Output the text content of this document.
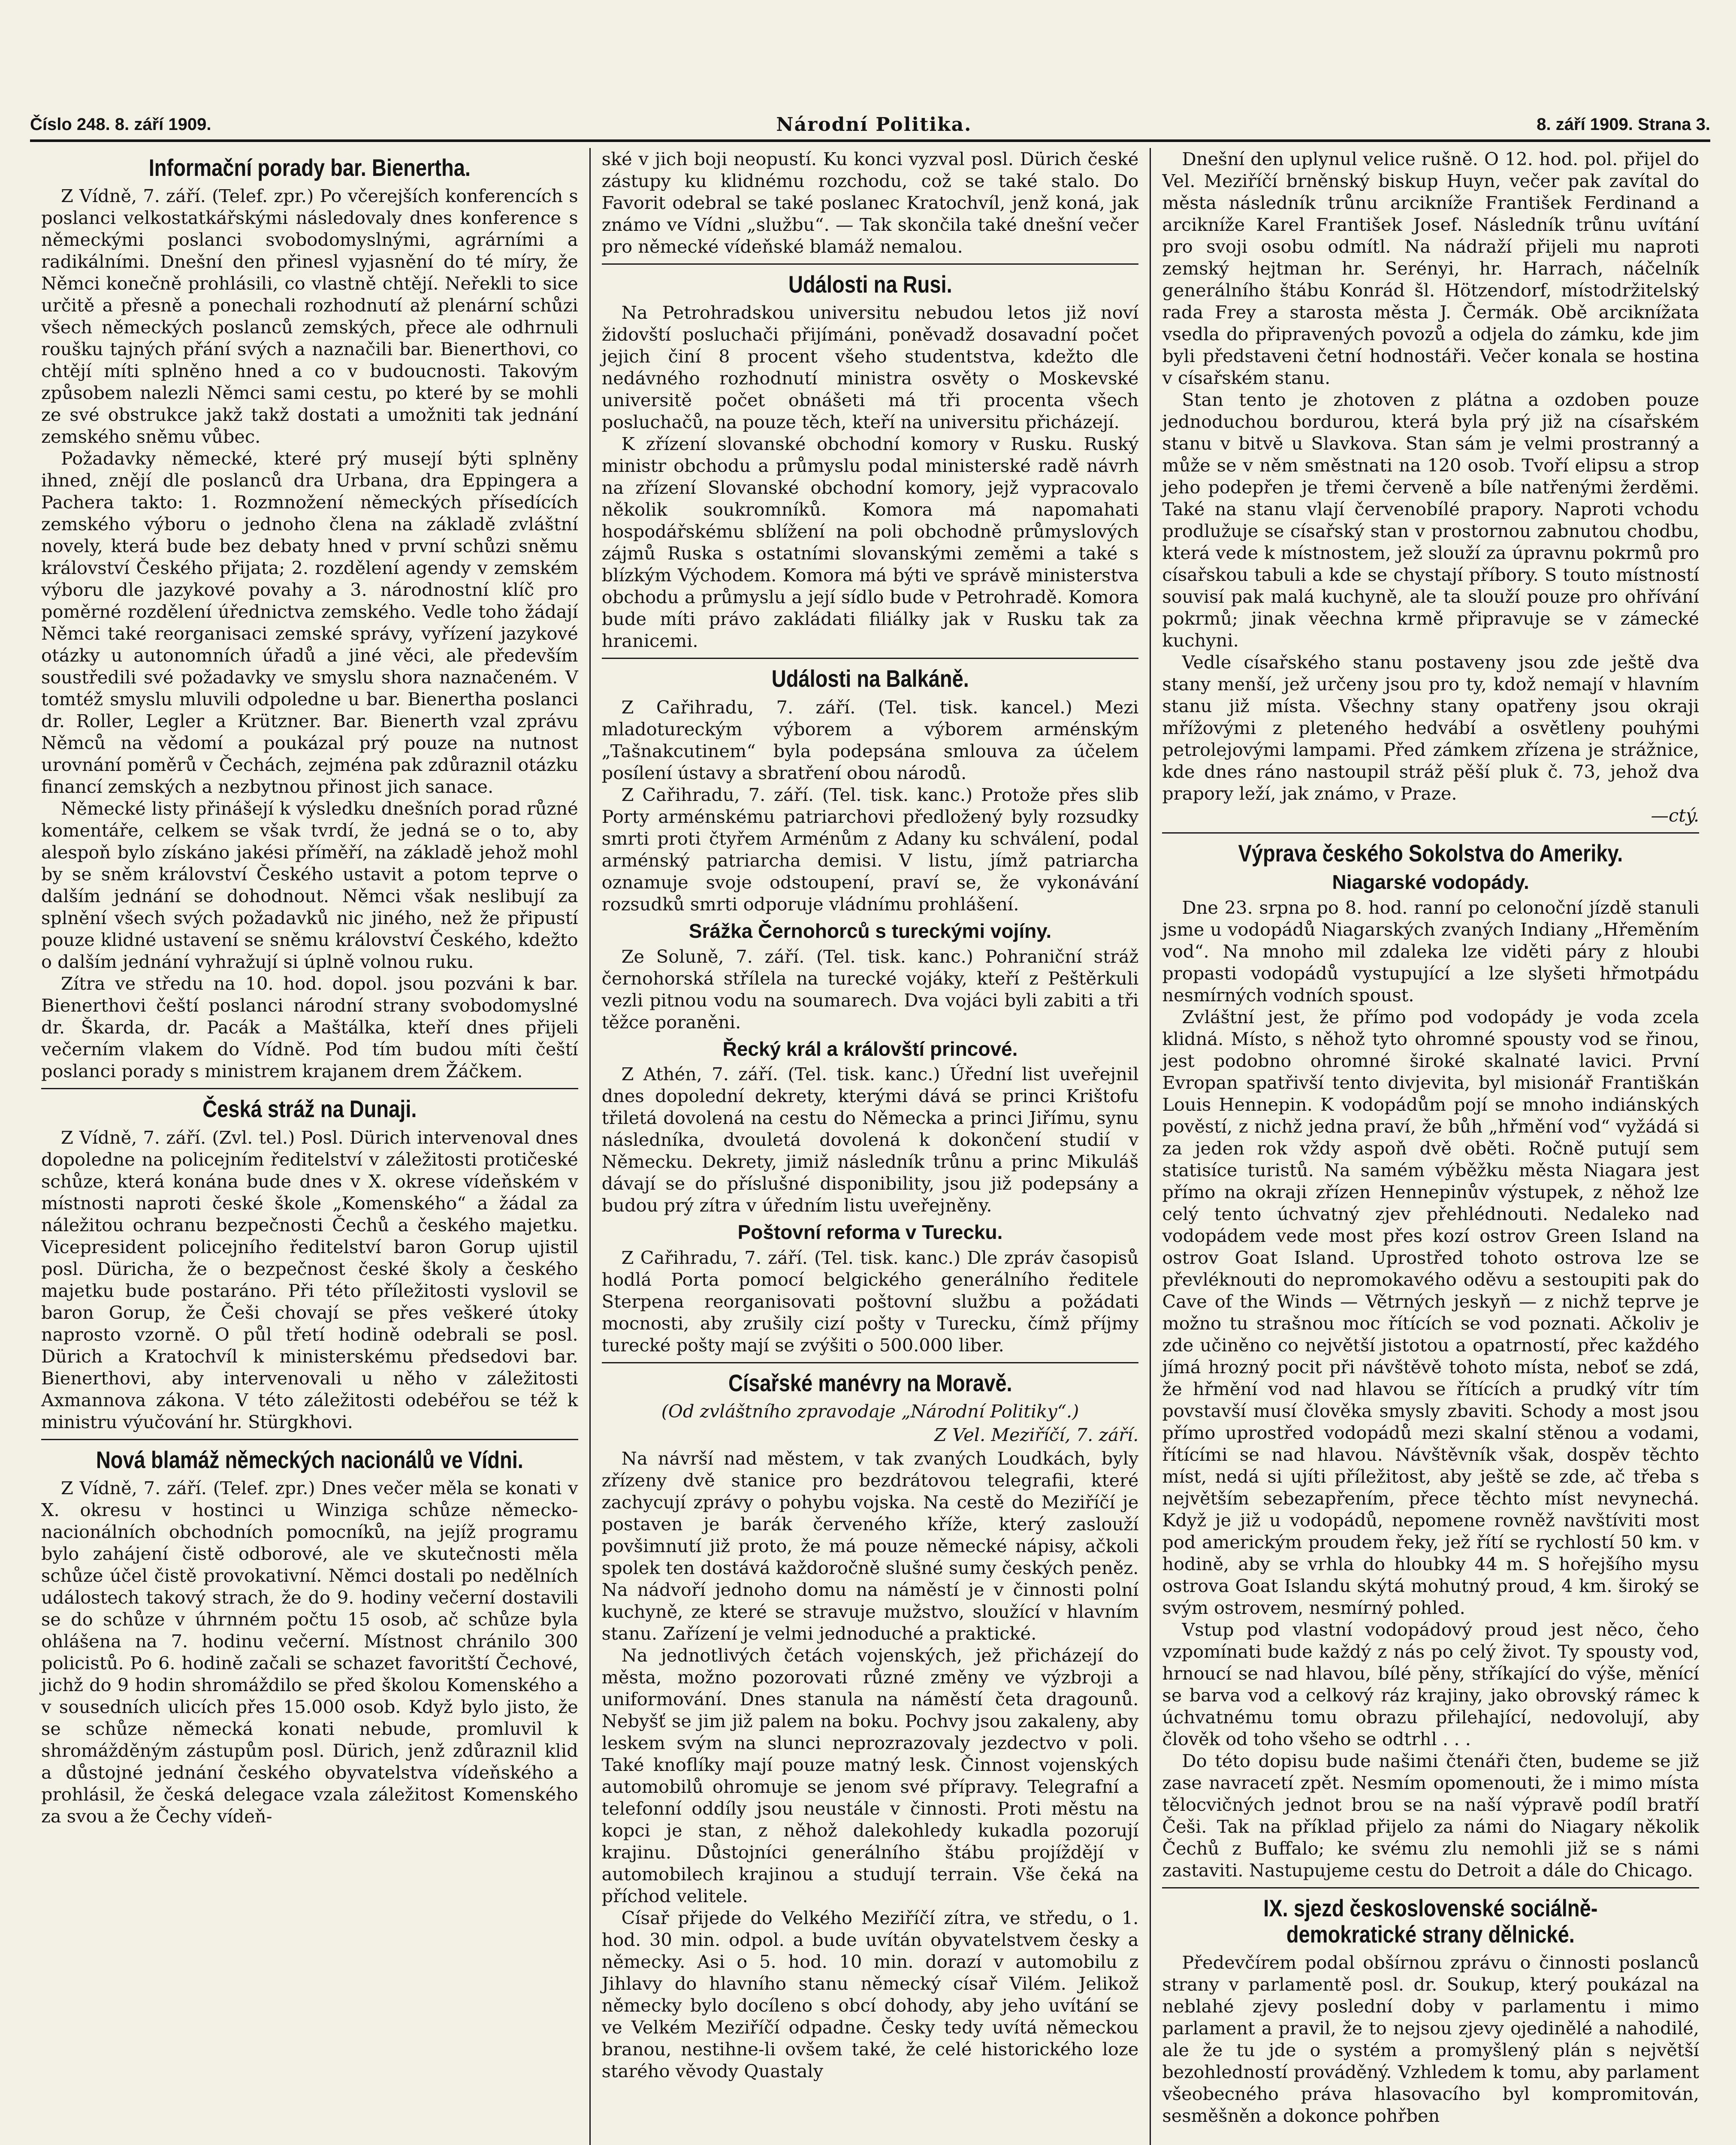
Číslo 248. 8. září 1909.	Národní Politika.	8. září 1909. Strana 3.
Informační porady bar. Bienertha.

Z Vídně, 7. září. (Telef. zpr.) Po včerejších konferencích s poslanci velkostatkářskými následovaly dnes konference s německými poslanci svobodomyslnými, agrárními a radikálními. Dnešní den přinesl vyjasnění do té míry, že Němci konečně prohlásili, co vlastně chtějí. Neřekli to sice určitě a přesně a ponechali rozhodnutí až plenární schůzi všech německých poslanců zemských, přece ale odhrnuli roušku tajných přání svých a naznačili bar. Bienerthovi, co chtějí míti splněno hned a co v budoucnosti. Takovým způsobem nalezli Němci sami cestu, po které by se mohli ze své obstrukce jakž takž dostati a umožniti tak jednání zemského sněmu vůbec.

Požadavky německé, které prý musejí býti splněny ihned, znějí dle poslanců dra Urbana, dra Eppingera a Pachera takto: 1. Rozmnožení německých přísedících zemského výboru o jednoho člena na základě zvláštní novely, která bude bez debaty hned v první schůzi sněmu království Českého přijata; 2. rozdělení agendy v zemském výboru dle jazykové povahy a 3. národnostní klíč pro poměrné rozdělení úřednictva zemského. Vedle toho žádají Němci také reorganisaci zemské správy, vyřízení jazykové otázky u autonomních úřadů a jiné věci, ale především soustředili své požadavky ve smyslu shora naznačeném. V tomtéž smyslu mluvili odpoledne u bar. Bienertha poslanci dr. Roller, Legler a Krützner. Bar. Bienerth vzal zprávu Němců na vědomí a poukázal prý pouze na nutnost urovnání poměrů v Čechách, zejména pak zdůraznil otázku financí zemských a nezbytnou přinost jich sanace.

Německé listy přinášejí k výsledku dnešních porad různé komentáře, celkem se však tvrdí, že jedná se o to, aby alespoň bylo získáno jakési příměří, na základě jehož mohl by se sněm království Českého ustavit a potom teprve o dalším jednání se dohodnout. Němci však neslibují za splnění všech svých požadavků nic jiného, než že připustí pouze klidné ustavení se sněmu království Českého, kdežto o dalším jednání vyhražují si úplně volnou ruku.

Zítra ve středu na 10. hod. dopol. jsou pozváni k bar. Bienerthovi čeští poslanci národní strany svobodomyslné dr. Škarda, dr. Pacák a Maštálka, kteří dnes přijeli večerním vlakem do Vídně. Pod tím budou míti čeští poslanci porady s ministrem krajanem drem Žáčkem.

Česká stráž na Dunaji.

Z Vídně, 7. září. (Zvl. tel.) Posl. Dürich intervenoval dnes dopoledne na policejním ředitelství v záležitosti protičeské schůze, která konána bude dnes v X. okrese vídeňském v místnosti naproti české škole „Komenského“ a žádal za náležitou ochranu bezpečnosti Čechů a českého majetku. Vicepresident policejního ředitelství baron Gorup ujistil posl. Düricha, že o bezpečnost české školy a českého majetku bude postaráno. Při této příležitosti vyslovil se baron Gorup, že Češi chovají se přes veškeré útoky naprosto vzorně. O půl třetí hodině odebrali se posl. Dürich a Kratochvíl k ministerskému předsedovi bar. Bienerthovi, aby intervenovali u něho v záležitosti Axmannova zákona. V této záležitosti odebéřou se též k ministru výučování hr. Stürgkhovi.

Nová blamáž německých nacionálů ve Vídni.

Z Vídně, 7. září. (Telef. zpr.) Dnes večer měla se konati v X. okresu v hostinci u Winziga schůze německo-nacionálních obchodních pomocníků, na jejíž programu bylo zahájení čistě odborové, ale ve skutečnosti měla schůze účel čistě provokativní. Němci dostali po nedělních událostech takový strach, že do 9. hodiny večerní dostavili se do schůze v úhrnném počtu 15 osob, ač schůze byla ohlášena na 7. hodinu večerní. Místnost chránilo 300 policistů. Po 6. hodině začali se schazet favoritští Čechové, jichž do 9 hodin shromáždilo se před školou Komenského a v sousedních ulicích přes 15.000 osob. Když bylo jisto, že se schůze německá konati nebude, promluvil k shromážděným zástupům posl. Dürich, jenž zdůraznil klid a důstojné jednání českého obyvatelstva vídeňského a prohlásil, že česká delegace vzala záležitost Komenského za svou a že Čechy vídeň-

ské v jich boji neopustí. Ku konci vyzval posl. Dürich české zástupy ku klidnému rozchodu, což se také stalo. Do Favorit odebral se také poslanec Kratochvíl, jenž koná, jak známo ve Vídni „službu“. — Tak skončila také dnešní večer pro německé vídeňské blamáž nemalou.

Události na Rusi.

Na Petrohradskou universitu nebudou letos již noví židovští posluchači přijímáni, poněvadž dosavadní počet jejich činí 8 procent všeho studentstva, kdežto dle nedávného rozhodnutí ministra osvěty o Moskevské universitě počet obnášeti má tři procenta všech posluchačů, na pouze těch, kteří na universitu přicházejí.

K zřízení slovanské obchodní komory v Rusku. Ruský ministr obchodu a průmyslu podal ministerské radě návrh na zřízení Slovanské obchodní komory, jejž vypracovalo několik soukromníků. Komora má napomahati hospodářskému sblížení na poli obchodně průmyslových zájmů Ruska s ostatními slovanskými zeměmi a také s blízkým Východem. Komora má býti ve správě ministerstva obchodu a průmyslu a její sídlo bude v Petrohradě. Komora bude míti právo zakládati filiálky jak v Rusku tak za hranicemi.

Události na Balkáně.

Z Cařihradu, 7. září. (Tel. tisk. kancel.) Mezi mladotureckým výborem a výborem arménským „Tašnakcutinem“ byla podepsána smlouva za účelem posílení ústavy a sbratření obou národů.

Z Cařihradu, 7. září. (Tel. tisk. kanc.) Protože přes slib Porty arménskému patriarchovi předložený byly rozsudky smrti proti čtyřem Arménům z Adany ku schválení, podal arménský patriarcha demisi. V listu, jímž patriarcha oznamuje svoje odstoupení, praví se, že vykonávání rozsudků smrti odporuje vládnímu prohlášení.

Srážka Černohorců s tureckými vojíny.

Ze Soluně, 7. září. (Tel. tisk. kanc.) Pohraniční stráž černohorská střílela na turecké vojáky, kteří z Peštěrkuli vezli pitnou vodu na soumarech. Dva vojáci byli zabiti a tři těžce poraněni.

Řecký král a královští princové.

Z Athén, 7. září. (Tel. tisk. kanc.) Úřední list uveřejnil dnes dopolední dekrety, kterými dává se princi Krištofu třiletá dovolená na cestu do Německa a princi Jiřímu, synu následníka, dvouletá dovolená k dokončení studií v Německu. Dekrety, jimiž následník trůnu a princ Mikuláš dávají se do příslušné disponibility, jsou již podepsány a budou prý zítra v úředním listu uveřejněny.

Poštovní reforma v Turecku.

Z Cařihradu, 7. září. (Tel. tisk. kanc.) Dle zpráv časopisů hodlá Porta pomocí belgického generálního ředitele Sterpena reorganisovati poštovní službu a požádati mocnosti, aby zrušily cizí pošty v Turecku, čímž příjmy turecké pošty mají se zvýšiti o 500.000 liber.

Císařské manévry na Moravě.
(Od zvláštního zpravodaje „Národní Politiky“.)
Z Vel. Meziříčí, 7. září.

Na návrší nad městem, v tak zvaných Loudkách, byly zřízeny dvě stanice pro bezdrátovou telegrafii, které zachycují zprávy o pohybu vojska. Na cestě do Meziříčí je postaven je barák červeného kříže, který zaslouží povšimnutí již proto, že má pouze německé nápisy, ačkoli spolek ten dostává každoročně slušné sumy českých peněz. Na nádvoří jednoho domu na náměstí je v činnosti polní kuchyně, ze které se stravuje mužstvo, sloužící v hlavním stanu. Zařízení je velmi jednoduché a praktické.

Na jednotlivých četách vojenských, jež přicházejí do města, možno pozorovati různé změny ve výzbroji a uniformování. Dnes stanula na náměstí četa dragounů. Nebyšť se jim již palem na boku. Pochvy jsou zakaleny, aby leskem svým na slunci neprozrazovaly jezdectvo v poli. Také knoflíky mají pouze matný lesk. Činnost vojenských automobilů ohromuje se jenom své přípravy. Telegrafní a telefonní oddíly jsou neustále v činnosti. Proti městu na kopci je stan, z něhož dalekohledy kukadla pozorují krajinu. Důstojníci generálního štábu projíždějí v automobilech krajinou a studují terrain. Vše čeká na příchod velitele.

Císař přijede do Velkého Meziříčí zítra, ve středu, o 1. hod. 30 min. odpol. a bude uvítán obyvatelstvem česky a německy. Asi o 5. hod. 10 min. dorazí v automobilu z Jihlavy do hlavního stanu německý císař Vilém. Jelikož německy bylo docíleno s obcí dohody, aby jeho uvítání se ve Velkém Meziříčí odpadne. Česky tedy uvítá německou branou, nestihne-li ovšem také, že celé historického loze starého věvody Quastaly

Dnešní den uplynul velice rušně. O 12. hod. pol. přijel do Vel. Meziříčí brněnský biskup Huyn, večer pak zavítal do města následník trůnu arcikníže František Ferdinand a arcikníže Karel František Josef. Následník trůnu uvítání pro svoji osobu odmítl. Na nádraží přijeli mu naproti zemský hejtman hr. Serényi, hr. Harrach, náčelník generálního štábu Konrád šl. Hötzendorf, místodržitelský rada Frey a starosta města J. Čermák. Obě arciknížata vsedla do připravených povozů a odjela do zámku, kde jim byli představeni četní hodnostáři. Večer konala se hostina v císařském stanu.

Stan tento je zhotoven z plátna a ozdoben pouze jednoduchou bordurou, která byla prý již na císařském stanu v bitvě u Slavkova. Stan sám je velmi prostranný a může se v něm směstnati na 120 osob. Tvoří elipsu a strop jeho podepřen je třemi červeně a bíle natřenými žerděmi. Také na stanu vlají červenobílé prapory. Naproti vchodu prodlužuje se císařský stan v prostornou zabnutou chodbu, která vede k místnostem, jež slouží za úpravnu pokrmů pro císařskou tabuli a kde se chystají příbory. S touto místností souvisí pak malá kuchyně, ale ta slouží pouze pro ohřívání pokrmů; jinak věechna krmě připravuje se v zámecké kuchyni.

Vedle císařského stanu postaveny jsou zde ještě dva stany menší, jež určeny jsou pro ty, kdož nemají v hlavním stanu již místa. Všechny stany opatřeny jsou okraji mřížovými z pleteného hedvábí a osvětleny pouhými petrolejovými lampami. Před zámkem zřízena je strážnice, kde dnes ráno nastoupil stráž pěší pluk č. 73, jehož dva prapory leží, jak známo, v Praze.

—ctý.
Výprava českého Sokolstva do Ameriky.
Niagarské vodopády.

Dne 23. srpna po 8. hod. ranní po celonoční jízdě stanuli jsme u vodopádů Niagarských zvaných Indiany „Hřeměním vod“. Na mnoho mil zdaleka lze viděti páry z hloubi propasti vodopádů vystupující a lze slyšeti hřmotpádu nesmírných vodních spoust.

Zvláštní jest, že přímo pod vodopády je voda zcela klidná. Místo, s něhož tyto ohromné spousty vod se řinou, jest podobno ohromné široké skalnaté lavici. První Evropan spatřivší tento divjevita, byl misionář Františkán Louis Hennepin. K vodopádům pojí se mnoho indiánských pověstí, z nichž jedna praví, že bůh „hřmění vod“ vyžádá si za jeden rok vždy aspoň dvě oběti. Ročně putují sem statisíce turistů. Na samém výběžku města Niagara jest přímo na okraji zřízen Hennepinův výstupek, z něhož lze celý tento úchvatný zjev přehlédnouti. Nedaleko nad vodopádem vede most přes kozí ostrov Green Island na ostrov Goat Island. Uprostřed tohoto ostrova lze se převléknouti do nepromokavého oděvu a sestoupiti pak do Cave of the Winds — Větrných jeskyň — z nichž teprve je možno tu strašnou moc řítících se vod poznati. Ačkoliv je zde učiněno co největší jistotou a opatrností, přec každého jímá hrozný pocit při návštěvě tohoto místa, neboť se zdá, že hřmění vod nad hlavou se řítících a prudký vítr tím povstavší musí člověka smysly zbaviti. Schody a most jsou přímo uprostřed vodopádů mezi skalní stěnou a vodami, řítícími se nad hlavou. Návštěvník však, dospěv těchto míst, nedá si ujíti příležitost, aby ještě se zde, ač třeba s největším sebezapřením, přece těchto míst nevynechá. Když je již u vodopádů, nepomene rovněž navštíviti most pod americkým proudem řeky, jež řítí se rychlostí 50 km. v hodině, aby se vrhla do hloubky 44 m. S hořejšího mysu ostrova Goat Islandu skýtá mohutný proud, 4 km. široký se svým ostrovem, nesmírný pohled.

Vstup pod vlastní vodopádový proud jest něco, čeho vzpomínati bude každý z nás po celý život. Ty spousty vod, hrnoucí se nad hlavou, bílé pěny, stříkající do výše, měnící se barva vod a celkový ráz krajiny, jako obrovský rámec k úchvatnému tomu obrazu přilehající, nedovolují, aby člověk od toho všeho se odtrhl . . .

Do této dopisu bude našimi čtenáři čten, budeme se již zase navracetí zpět. Nesmím opomenouti, že i mimo místa tělocvičných jednot brou se na naší výpravě podíl bratří Češi. Tak na příklad přijelo za námi do Niagary několik Čechů z Buffalo; ke svému zlu nemohli již se s námi zastaviti. Nastupujeme cestu do Detroit a dále do Chicago.

IX. sjezd československé sociálně-demokratické strany dělnické.

Předevčírem podal obšírnou zprávu o činnosti poslanců strany v parlamentě posl. dr. Soukup, který poukázal na neblahé zjevy poslední doby v parlamentu i mimo parlament a pravil, že to nejsou zjevy ojedinělé a nahodilé, ale že tu jde o systém a promyšlený plán s největší bezohledností prováděný. Vzhledem k tomu, aby parlament všeobecného práva hlasovacího byl kompromitován, sesměšněn a dokonce pohřben
